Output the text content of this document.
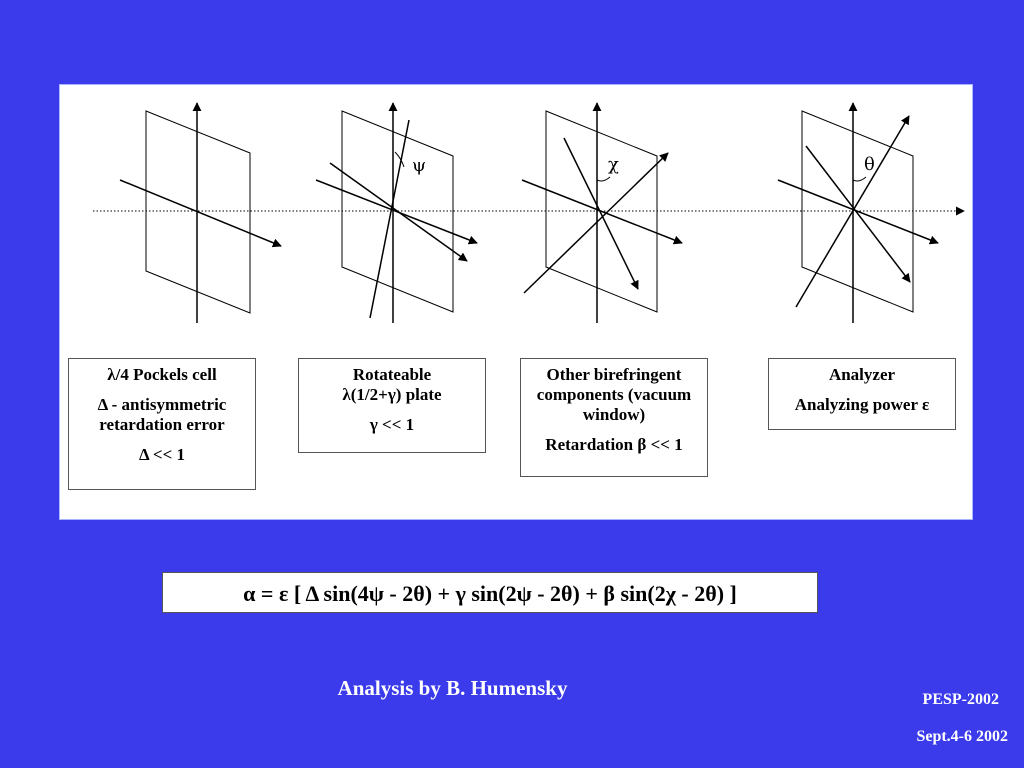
ψ	χ	θ

λ/4 Pockels cell

Δ - antisymmetric retardation error

Δ << 1

Rotateable

λ(1/2+γ) plate

γ << 1

Other birefringent components (vacuum window)

Retardation β << 1

Analyzer

Analyzing power ε

α = ε [ Δ sin(4ψ - 2θ) + γ sin(2ψ - 2θ) + β sin(2χ - 2θ) ]
Analysis by B. Humensky	PESP-2002
Sept.4-6 2002
